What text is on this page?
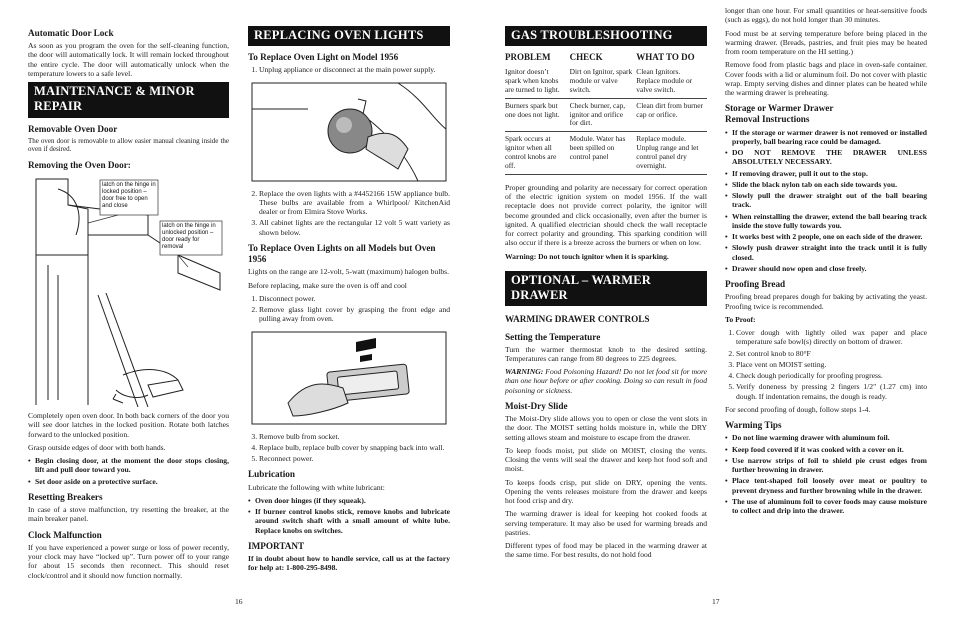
Automatic Door Lock

As soon as you program the oven for the self-cleaning function, the door will automatically lock. It will remain locked throughout the entire cycle. The door will automatically unlock when the temperature lowers to a safe level.

MAINTENANCE & MINOR REPAIR
Removable Oven Door

The oven door is removable to allow easier manual cleaning inside the oven if desired.

Removing the Oven Door:
latch on the hinge in locked position – door free to open and close
latch on the hinge in unlocked position – door ready for removal

Completely open oven door. In both back corners of the door you will see door latches in the locked position. Rotate both latches forward to the unlocked position.

Grasp outside edges of door with both hands.

• Begin closing door, at the moment the door stops closing, lift and pull door toward you.
• Set door aside on a protective surface.
Resetting Breakers

In case of a stove malfunction, try resetting the breaker, at the main breaker panel.

Clock Malfunction

If you have experienced a power surge or loss of power recently, your clock may have “locked up”. Turn power off to your range for about 15 seconds then reconnect. This should reset clock/control and it should now function normally.

REPLACING OVEN LIGHTS
To Replace Oven Light on Model 1956
1. Unplug appliance or disconnect at the main power supply.
2. Replace the oven lights with a #4452166 15W appliance bulb. These bulbs are available from a Whirlpool/ KitchenAid dealer or from Elmira Stove Works.
3. All cabinet lights are the rectangular 12 volt 5 watt variety as shown below.
To Replace Oven Lights on all Models but Oven 1956

Lights on the range are 12-volt, 5-watt (maximum) halogen bulbs.

Before replacing, make sure the oven is off and cool

1. Disconnect power.
2. Remove glass light cover by grasping the front edge and pulling away from oven.
3. Remove bulb from socket.
4. Replace bulb, replace bulb cover by snapping back into wall.
5. Reconnect power.
Lubrication

Lubricate the following with white lubricant:

• Oven door hinges (if they squeak).
• If burner control knobs stick, remove knobs and lubricate around switch shaft with a small amount of white lube. Replace knobs on switches.
IMPORTANT

If in doubt about how to handle service, call us at the factory for help at: 1-800-295-8498.

16
GAS TROUBLESHOOTING
PROBLEM	CHECK	WHAT TO DO
Ignitor doesn’t spark when knobs are turned to light.	Dirt on Ignitor, spark module or valve switch.	Clean Ignitors.
Replace module or valve switch.

Burners spark but one does not light.	Check burner, cap, ignitor and orifice for dirt.	Clean dirt from burner cap or orifice.
Spark occurs at ignitor when all control knobs are off.	Module. Water has been spilled on control panel	Replace module. Unplug range and let control panel dry overnight.

Proper grounding and polarity are necessary for correct operation of the electric ignition system on model 1956. If the wall receptacle does not provide correct polarity, the ignitor will become grounded and click occasionally, even after the burner is ignited. A qualified electrician should check the wall receptacle for correct polarity and grounding. This sparking condition will also occur if there is a breeze across the burners or when on low.

Warning: Do not touch ignitor when it is sparking.

OPTIONAL – WARMER DRAWER
WARMING DRAWER CONTROLS
Setting the Temperature

Turn the warmer thermostat knob to the desired setting. Temperatures can range from 80 degrees to 225 degrees.

WARNING: Food Poisoning Hazard! Do not let food sit for more than one hour before or after cooking. Doing so can result in food poisoning or sickness.

Moist-Dry Slide

The Moist-Dry slide allows you to open or close the vent slots in the door. The MOIST setting holds moisture in, while the DRY setting allows steam and moisture to escape from the drawer.

To keep foods moist, put slide on MOIST, closing the vents. Closing the vents will seal the drawer and keep hot food soft and moist.

To keeps foods crisp, put slide on DRY, opening the vents. Opening the vents releases moisture from the drawer and keeps hot food crisp and dry.

The warming drawer is ideal for keeping hot cooked foods at serving temperature. It may also be used for warming breads and pastries.

Different types of food may be placed in the warming drawer at the same time. For best results, do not hold food

longer than one hour. For small quantities or heat-sensitive foods (such as eggs), do not hold longer than 30 minutes.

Food must be at serving temperature before being placed in the warming drawer. (Breads, pastries, and fruit pies may be heated from room temperature on the HI setting.)

Remove food from plastic bags and place in oven-safe container. Cover foods with a lid or aluminum foil. Do not cover with plastic wrap. Empty serving dishes and dinner plates can be heated while the warming drawer is preheating.

Storage or Warmer Drawer
Removal Instructions
• If the storage or warmer drawer is not removed or installed properly, ball bearing race could be damaged.
• DO NOT REMOVE THE DRAWER UNLESS ABSOLUTELY NECESSARY.
• If removing drawer, pull it out to the stop.
• Slide the black nylon tab on each side towards you.
• Slowly pull the drawer straight out of the ball bearing track.
• When reinstalling the drawer, extend the ball bearing track inside the stove fully towards you.
• It works best with 2 people, one on each side of the drawer.
• Slowly push drawer straight into the track until it is fully closed.
• Drawer should now open and close freely.
Proofing Bread

Proofing bread prepares dough for baking by activating the yeast. Proofing twice is recommended.

To Proof:

1. Cover dough with lightly oiled wax paper and place temperature safe bowl(s) directly on bottom of drawer.
2. Set control knob to 80°F
3. Place vent on MOIST setting.
4. Check dough periodically for proofing progress.
5. Verify doneness by pressing 2 fingers 1/2" (1.27 cm) into dough. If indentation remains, the dough is ready.

For second proofing of dough, follow steps 1-4.

Warming Tips
• Do not line warming drawer with aluminum foil.
• Keep food covered if it was cooked with a cover on it.
• Use narrow strips of foil to shield pie crust edges from further browning in drawer.
• Place tent-shaped foil loosely over meat or poultry to prevent dryness and further browning while in the drawer.
• The use of aluminum foil to cover foods may cause moisture to collect and drip into the drawer.
17
